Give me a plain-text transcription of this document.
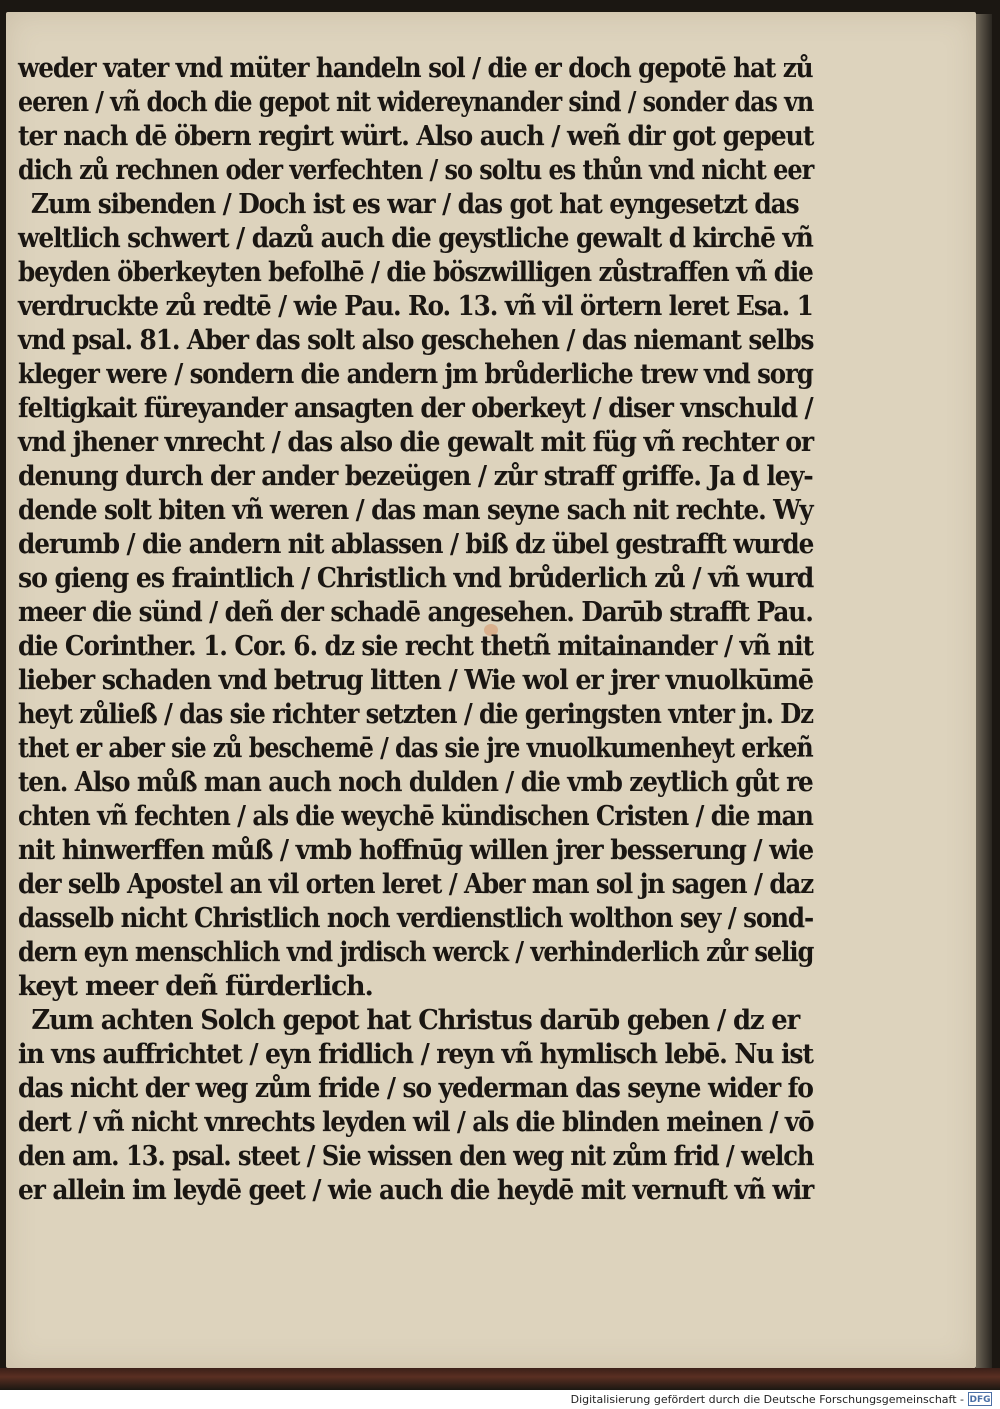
weder vater vnd müter handeln sol / die er doch gepotē hat zů
eeren / vñ doch die gepot nit widereynander sind / sonder das vn
ter nach dē öbern regirt würt. Also auch / weñ dir got gepeut
dich zů rechnen oder verfechten / so soltu es thůn vnd nicht eer
Zum sibenden / Doch ist es war / das got hat eyngesetzt das
weltlich schwert / dazů auch die geystliche gewalt d kirchē vñ
beyden öberkeyten befolhē / die böszwilligen zůstraffen vñ die
verdruckte zů redtē / wie Pau. Ro. 13. vñ vil örtern leret Esa. 1
vnd psal. 81. Aber das solt also geschehen / das niemant selbs
kleger were / sondern die andern jm brůderliche trew vnd sorg
feltigkait füreyander ansagten der oberkeyt / diser vnschuld /
vnd jhener vnrecht / das also die gewalt mit füg vñ rechter or
denung durch der ander bezeügen / zůr straff griffe. Ja d ley-
dende solt biten vñ weren / das man seyne sach nit rechte. Wy
derumb / die andern nit ablassen / biß dz übel gestrafft wurde
so gieng es fraintlich / Christlich vnd brůderlich zů / vñ wurd
meer die sünd / deñ der schadē angesehen. Darūb strafft Pau.
die Corinther. 1. Cor. 6. dz sie recht thetñ mitainander / vñ nit
lieber schaden vnd betrug litten / Wie wol er jrer vnuolkūmē
heyt zůließ / das sie richter setzten / die geringsten vnter jn. Dz
thet er aber sie zů beschemē / das sie jre vnuolkumenheyt erkeñ
ten. Also můß man auch noch dulden / die vmb zeytlich gůt re
chten vñ fechten / als die weychē kündischen Cristen / die man
nit hinwerffen můß / vmb hoffnūg willen jrer besserung / wie
der selb Apostel an vil orten leret / Aber man sol jn sagen / daz
dasselb nicht Christlich noch verdienstlich wolthon sey / sond-
dern eyn menschlich vnd jrdisch werck / verhinderlich zůr selig
keyt meer deñ fürderlich.
Zum achten Solch gepot hat Christus darūb geben / dz er
in vns auffrichtet / eyn fridlich / reyn vñ hymlisch lebē. Nu ist
das nicht der weg zům fride / so yederman das seyne wider fo
dert / vñ nicht vnrechts leyden wil / als die blinden meinen / vō
den am. 13. psal. steet / Sie wissen den weg nit zům frid / welch
er allein im leydē geet / wie auch die heydē mit vernuft vñ wir
Digitalisierung gefördert durch die Deutsche Forschungsgemeinschaft - DFG
